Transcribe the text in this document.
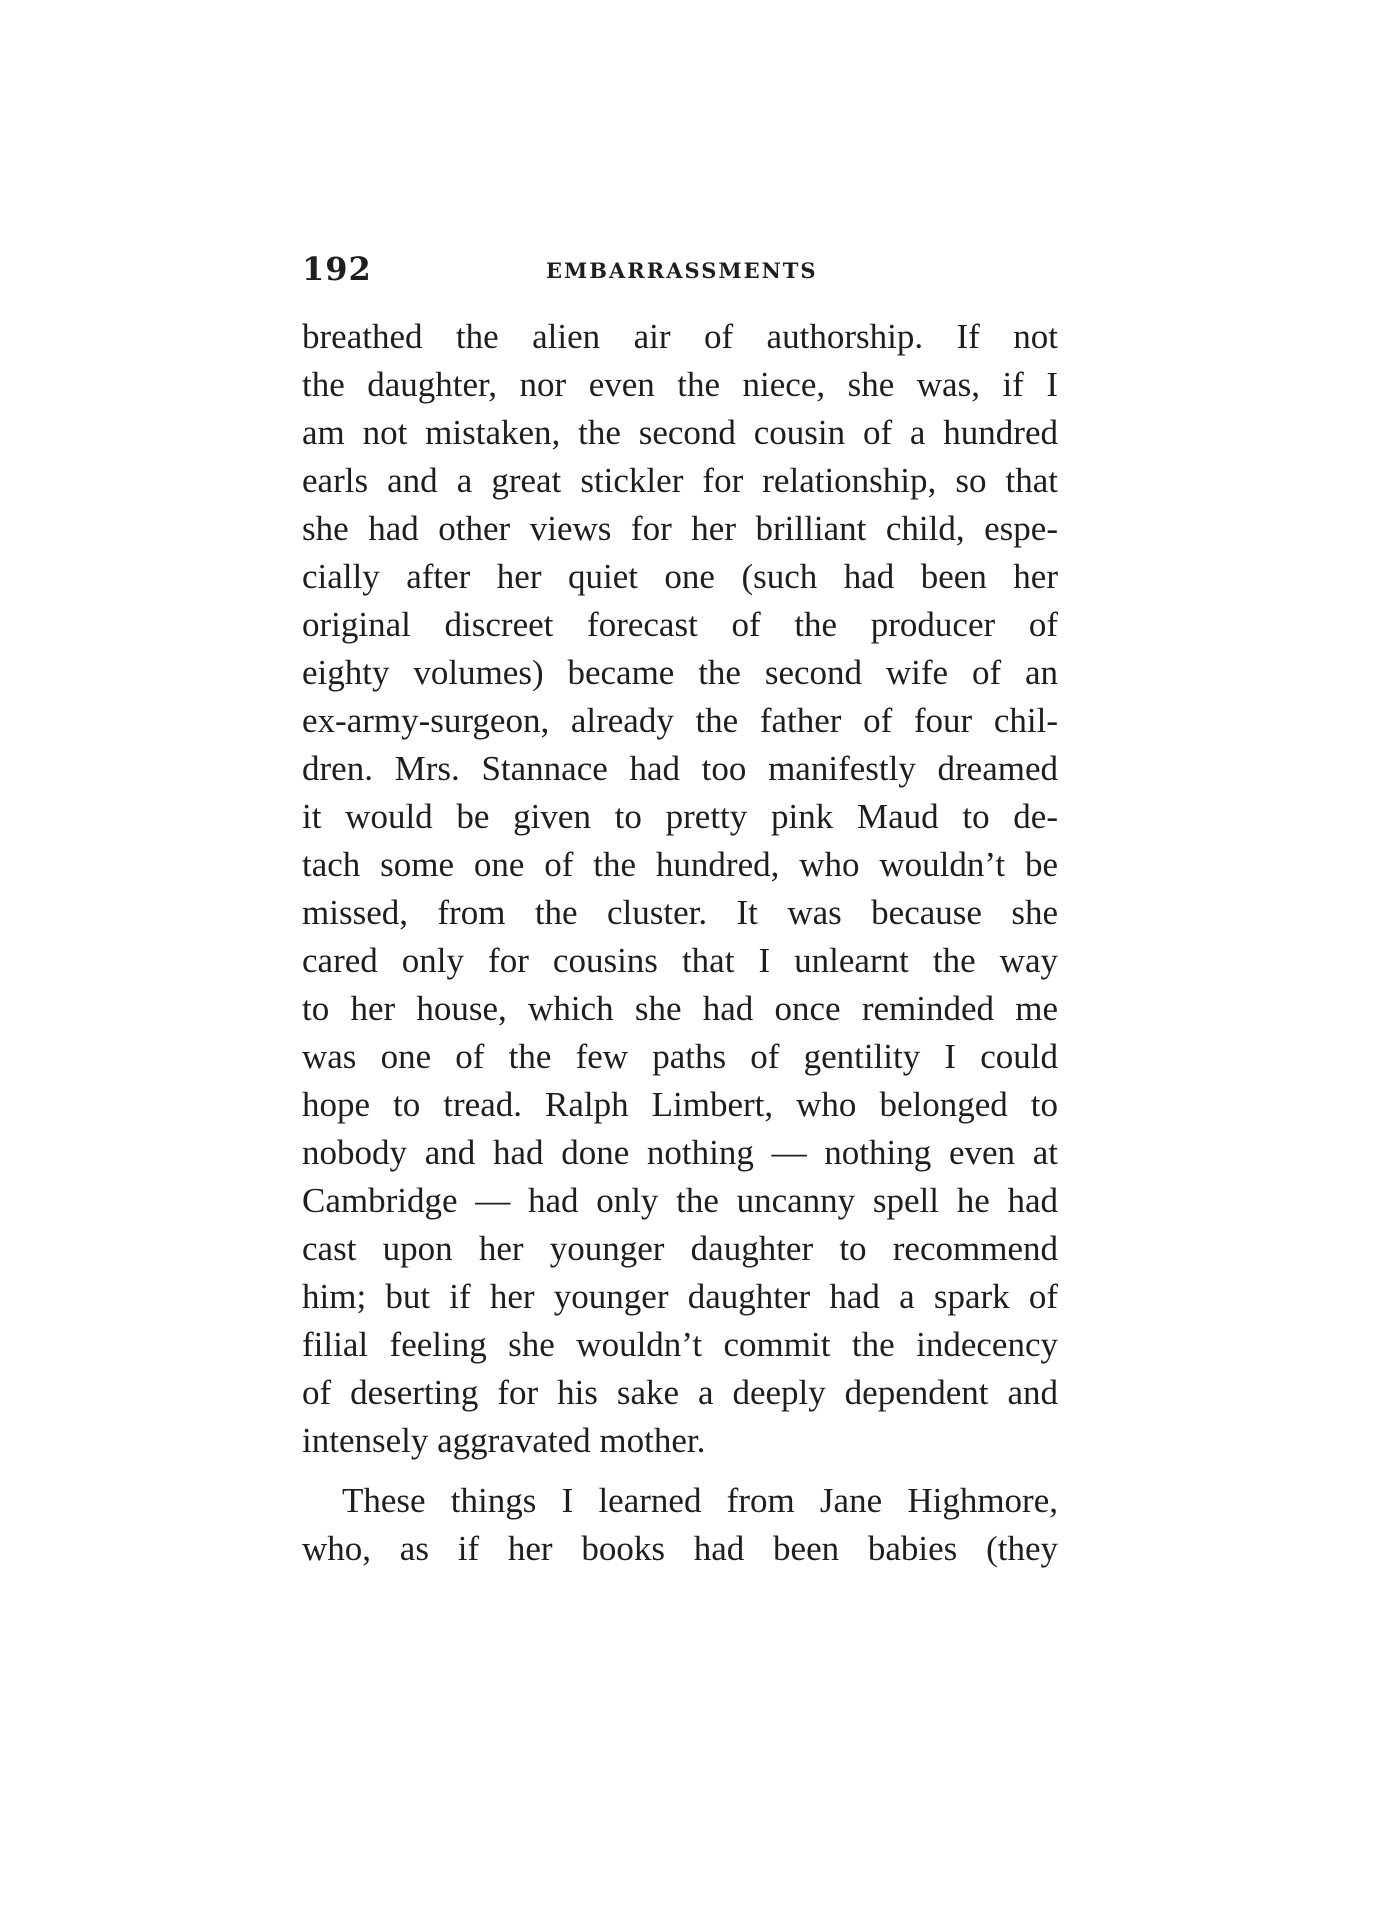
192	EMBARRASSMENTS
breathed the alien air of authorship. If not
the daughter, nor even the niece, she was, if I
am not mistaken, the second cousin of a hundred
earls and a great stickler for relationship, so that
she had other views for her brilliant child, espe-
cially after her quiet one (such had been her
original discreet forecast of the producer of
eighty volumes) became the second wife of an
ex-army-surgeon, already the father of four chil-
dren. Mrs. Stannace had too manifestly dreamed
it would be given to pretty pink Maud to de-
tach some one of the hundred, who wouldn’t be
missed, from the cluster. It was because she
cared only for cousins that I unlearnt the way
to her house, which she had once reminded me
was one of the few paths of gentility I could
hope to tread. Ralph Limbert, who belonged to
nobody and had done nothing — nothing even at
Cambridge — had only the uncanny spell he had
cast upon her younger daughter to recommend
him; but if her younger daughter had a spark of
filial feeling she wouldn’t commit the indecency
of deserting for his sake a deeply dependent and
intensely aggravated mother.
These things I learned from Jane Highmore,
who, as if her books had been babies (they
